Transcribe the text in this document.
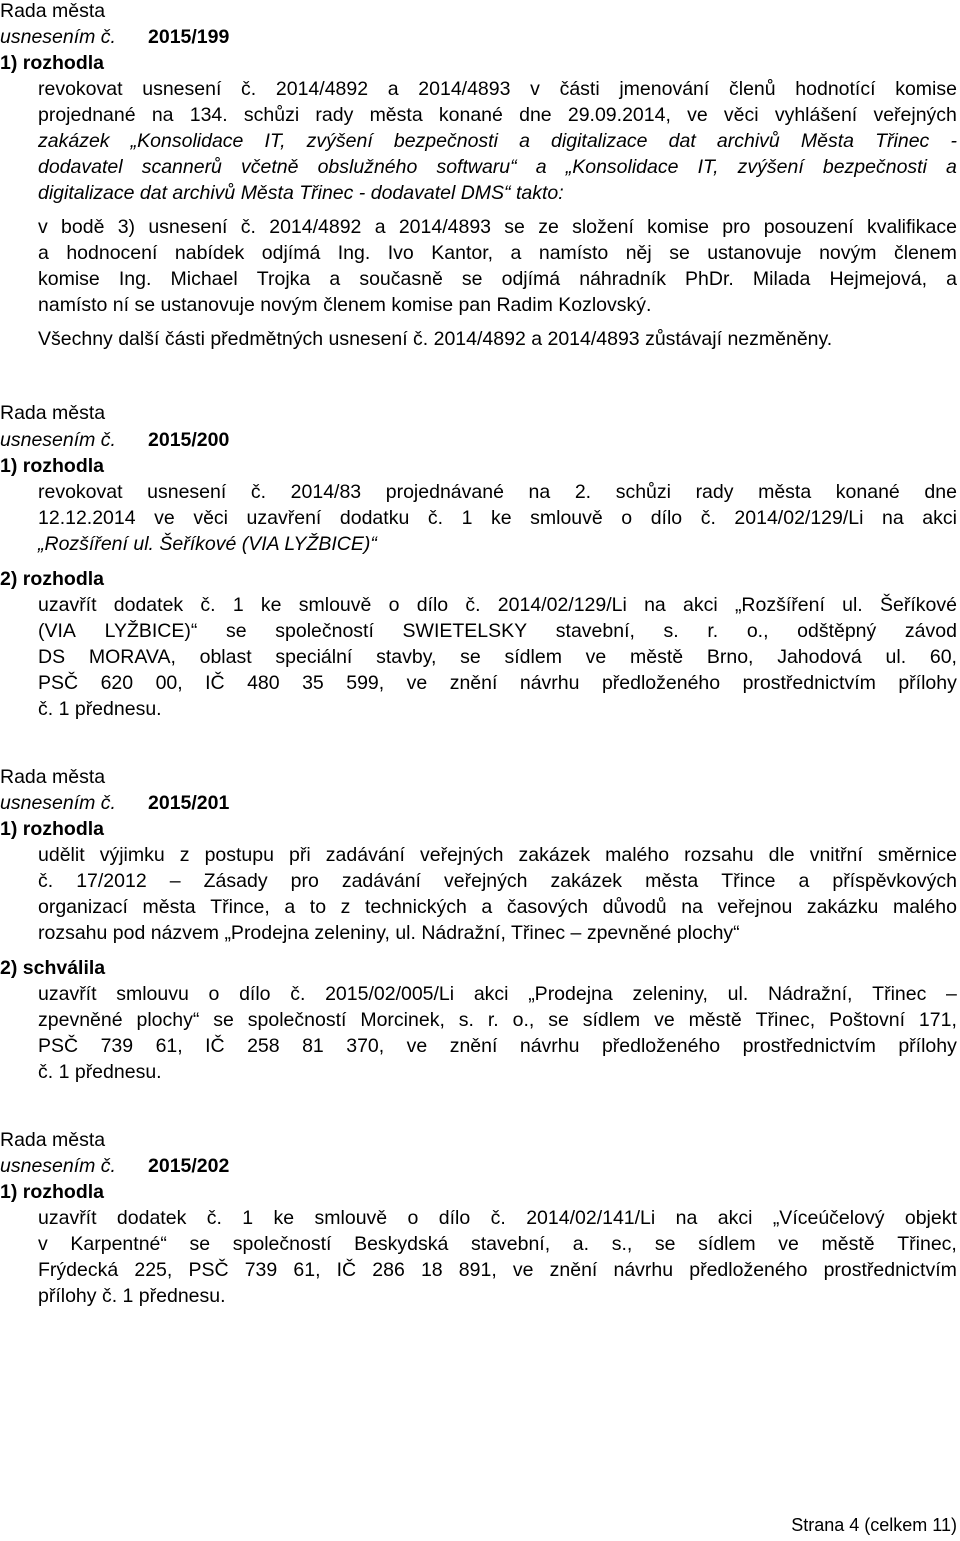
Rada města
usnesením č. 2015/199
1) rozhodla
revokovat usnesení č. 2014/4892 a 2014/4893 v části jmenování členů hodnotící komise
projednané na 134. schůzi rady města konané dne 29.09.2014, ve věci vyhlášení veřejných
zakázek „Konsolidace IT, zvýšení bezpečnosti a digitalizace dat archivů Města Třinec -
dodavatel scannerů včetně obslužného softwaru“ a „Konsolidace IT, zvýšení bezpečnosti a
digitalizace dat archivů Města Třinec - dodavatel DMS“ takto:
v bodě 3) usnesení č. 2014/4892 a 2014/4893 se ze složení komise pro posouzení kvalifikace
a hodnocení nabídek odjímá Ing. Ivo Kantor, a namísto něj se ustanovuje novým členem
komise Ing. Michael Trojka a současně se odjímá náhradník PhDr. Milada Hejmejová, a
namísto ní se ustanovuje novým členem komise pan Radim Kozlovský.
Všechny další části předmětných usnesení č. 2014/4892 a 2014/4893 zůstávají nezměněny.
Rada města
usnesením č. 2015/200
1) rozhodla
revokovat usnesení č. 2014/83 projednávané na 2. schůzi rady města konané dne
12.12.2014 ve věci uzavření dodatku č. 1 ke smlouvě o dílo č. 2014/02/129/Li na akci
„Rozšíření ul. Šeříkové (VIA LYŽBICE)“
2) rozhodla
uzavřít dodatek č. 1 ke smlouvě o dílo č. 2014/02/129/Li na akci „Rozšíření ul. Šeříkové
(VIA LYŽBICE)“ se společností SWIETELSKY stavební, s. r. o., odštěpný závod
DS MORAVA, oblast speciální stavby, se sídlem ve městě Brno, Jahodová ul. 60,
PSČ 620 00, IČ 480 35 599, ve znění návrhu předloženého prostřednictvím přílohy
č. 1 přednesu.
Rada města
usnesením č. 2015/201
1) rozhodla
udělit výjimku z postupu při zadávání veřejných zakázek malého rozsahu dle vnitřní směrnice
č. 17/2012 – Zásady pro zadávání veřejných zakázek města Třince a příspěvkových
organizací města Třince, a to z technických a časových důvodů na veřejnou zakázku malého
rozsahu pod názvem „Prodejna zeleniny, ul. Nádražní, Třinec – zpevněné plochy“
2) schválila
uzavřít smlouvu o dílo č. 2015/02/005/Li akci „Prodejna zeleniny, ul. Nádražní, Třinec –
zpevněné plochy“ se společností Morcinek, s. r. o., se sídlem ve městě Třinec, Poštovní 171,
PSČ 739 61, IČ 258 81 370, ve znění návrhu předloženého prostřednictvím přílohy
č. 1 přednesu.
Rada města
usnesením č. 2015/202
1) rozhodla
uzavřít dodatek č. 1 ke smlouvě o dílo č. 2014/02/141/Li na akci „Víceúčelový objekt
v Karpentné“ se společností Beskydská stavební, a. s., se sídlem ve městě Třinec,
Frýdecká 225, PSČ 739 61, IČ 286 18 891, ve znění návrhu předloženého prostřednictvím
přílohy č. 1 přednesu.
Strana 4 (celkem 11)
